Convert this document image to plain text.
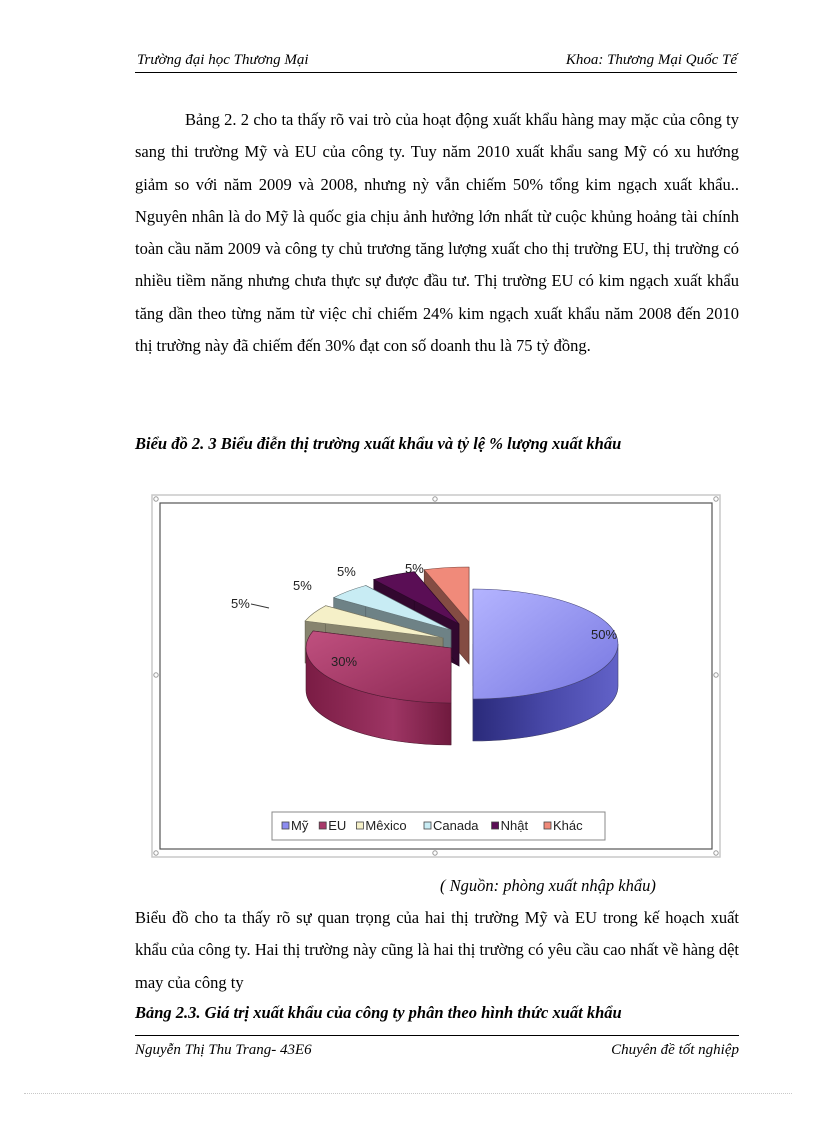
Trường đại học Thương Mại	Khoa: Thương Mại Quốc Tế

Bảng 2. 2 cho ta thấy rõ vai trò của hoạt động xuất khẩu hàng may mặc của công ty sang thi trường Mỹ và EU của công ty. Tuy năm 2010 xuất khẩu sang Mỹ có xu hướng giảm so với năm 2009 và 2008, nhưng nỳ vẫn chiếm 50% tổng kim ngạch xuất khẩu.. Nguyên nhân là do Mỹ là quốc gia chịu ảnh hưởng lớn nhất từ cuộc khủng hoảng tài chính toàn cầu năm 2009 và công ty chủ trương tăng lượng xuất cho thị trường EU, thị trường có nhiều tiềm năng nhưng chưa thực sự được đầu tư. Thị trường EU có kim ngạch xuất khẩu tăng dần theo từng năm từ việc chỉ chiếm 24% kim ngạch xuất khẩu năm 2008 đến 2010 thị trường này đã chiếm đến 30% đạt con số doanh thu là 75 tỷ đồng.

Biểu đồ 2. 3 Biểu điễn thị trường xuất khẩu và tỷ lệ % lượng xuất khẩu

50%
30%
5%
5%
5%	5%
Mỹ EU Mêxico Canada Nhật Khác
( Nguồn: phòng xuất nhập khẩu)

Biểu đồ cho ta thấy rõ sự quan trọng của hai thị trường Mỹ và EU trong kế hoạch xuất khẩu của công ty. Hai thị trường này cũng là hai thị trường có yêu cầu cao nhất về hàng dệt may của công ty

Bảng 2.3. Giá trị xuất khẩu của công ty phân theo hình thức xuất khẩu

Nguyễn Thị Thu Trang- 43E6	Chuyên đề tốt nghiệp
